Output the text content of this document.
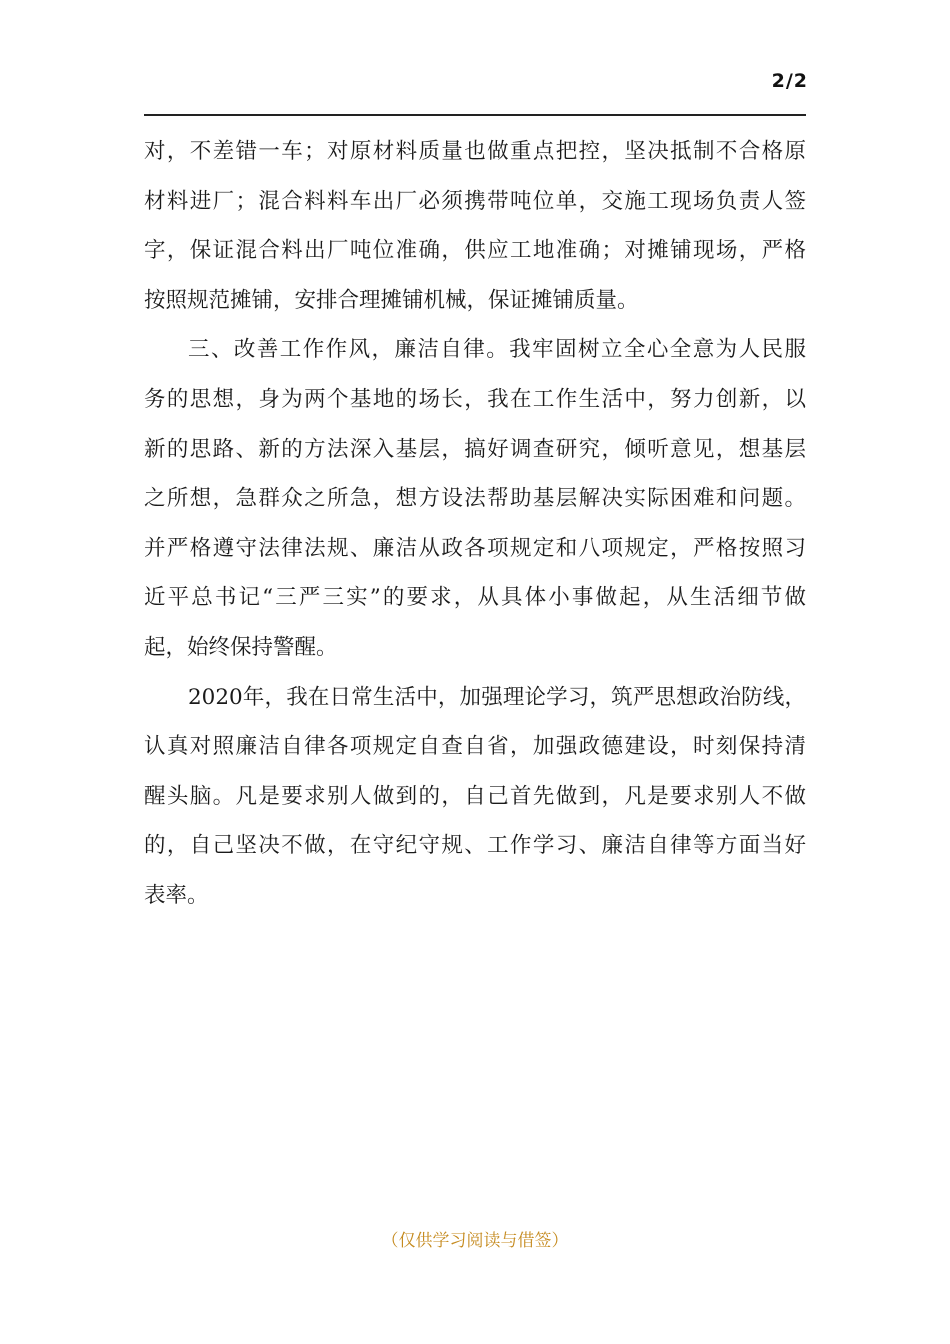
2/2
对，不差错一车；对原材料质量也做重点把控，坚决抵制不合格原
材料进厂；混合料料车出厂必须携带吨位单，交施工现场负责人签
字，保证混合料出厂吨位准确，供应工地准确；对摊铺现场，严格
按照规范摊铺，安排合理摊铺机械，保证摊铺质量。
三、改善工作作风，廉洁自律。我牢固树立全心全意为人民服
务的思想，身为两个基地的场长，我在工作生活中，努力创新，以
新的思路、新的方法深入基层，搞好调查研究，倾听意见，想基层
之所想，急群众之所急，想方设法帮助基层解决实际困难和问题。
并严格遵守法律法规、廉洁从政各项规定和八项规定，严格按照习
近平总书记“三严三实”的要求，从具体小事做起，从生活细节做
起，始终保持警醒。
2020年，我在日常生活中，加强理论学习，筑严思想政治防线，
认真对照廉洁自律各项规定自查自省，加强政德建设，时刻保持清
醒头脑。凡是要求别人做到的，自己首先做到，凡是要求别人不做
的，自己坚决不做，在守纪守规、工作学习、廉洁自律等方面当好
表率。
（仅供学习阅读与借签）
